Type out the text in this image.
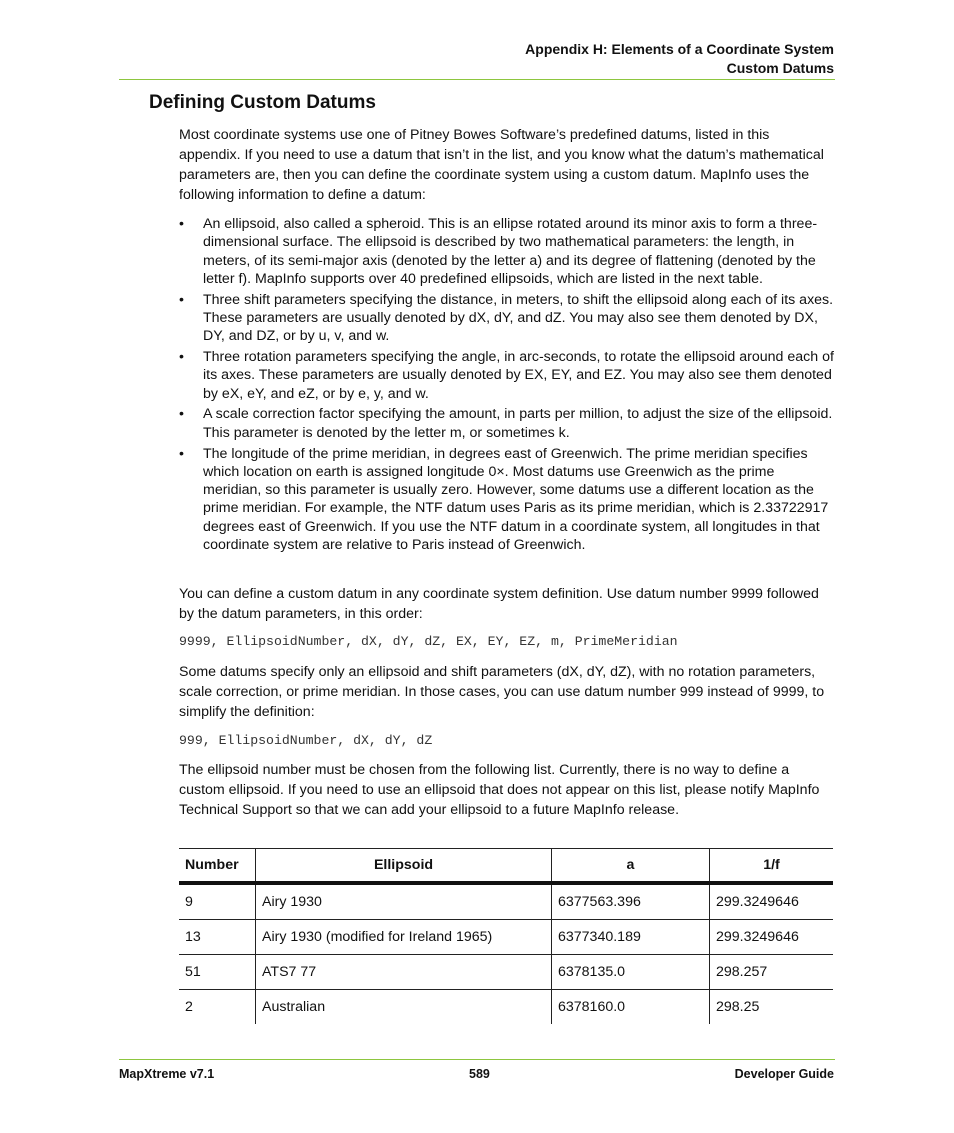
Appendix H: Elements of a Coordinate System
Custom Datums
Defining Custom Datums

Most coordinate systems use one of Pitney Bowes Software’s predefined datums, listed in this appendix. If you need to use a datum that isn’t in the list, and you know what the datum’s mathematical parameters are, then you can define the coordinate system using a custom datum. MapInfo uses the following information to define a datum:

• An ellipsoid, also called a spheroid. This is an ellipse rotated around its minor axis to form a three-dimensional surface. The ellipsoid is described by two mathematical parameters: the length, in meters, of its semi-major axis (denoted by the letter a) and its degree of flattening (denoted by the letter f). MapInfo supports over 40 predefined ellipsoids, which are listed in the next table.
• Three shift parameters specifying the distance, in meters, to shift the ellipsoid along each of its axes. These parameters are usually denoted by dX, dY, and dZ. You may also see them denoted by DX, DY, and DZ, or by u, v, and w.
• Three rotation parameters specifying the angle, in arc-seconds, to rotate the ellipsoid around each of its axes. These parameters are usually denoted by EX, EY, and EZ. You may also see them denoted by eX, eY, and eZ, or by e, y, and w.
• A scale correction factor specifying the amount, in parts per million, to adjust the size of the ellipsoid. This parameter is denoted by the letter m, or sometimes k.
• The longitude of the prime meridian, in degrees east of Greenwich. The prime meridian specifies which location on earth is assigned longitude 0×. Most datums use Greenwich as the prime meridian, so this parameter is usually zero. However, some datums use a different location as the prime meridian. For example, the NTF datum uses Paris as its prime meridian, which is 2.33722917 degrees east of Greenwich. If you use the NTF datum in a coordinate system, all longitudes in that coordinate system are relative to Paris instead of Greenwich.

You can define a custom datum in any coordinate system definition. Use datum number 9999 followed by the datum parameters, in this order:

9999, EllipsoidNumber, dX, dY, dZ, EX, EY, EZ, m, PrimeMeridian

Some datums specify only an ellipsoid and shift parameters (dX, dY, dZ), with no rotation parameters, scale correction, or prime meridian. In those cases, you can use datum number 999 instead of 9999, to simplify the definition:

999, EllipsoidNumber, dX, dY, dZ

The ellipsoid number must be chosen from the following list. Currently, there is no way to define a custom ellipsoid. If you need to use an ellipsoid that does not appear on this list, please notify MapInfo Technical Support so that we can add your ellipsoid to a future MapInfo release.

Number	Ellipsoid	a	1/f
9	Airy 1930	6377563.396	299.3249646
13	Airy 1930 (modified for Ireland 1965)	6377340.189	299.3249646
51	ATS7 77	6378135.0	298.257
2	Australian	6378160.0	298.25
MapXtreme v7.1	589	Developer Guide
